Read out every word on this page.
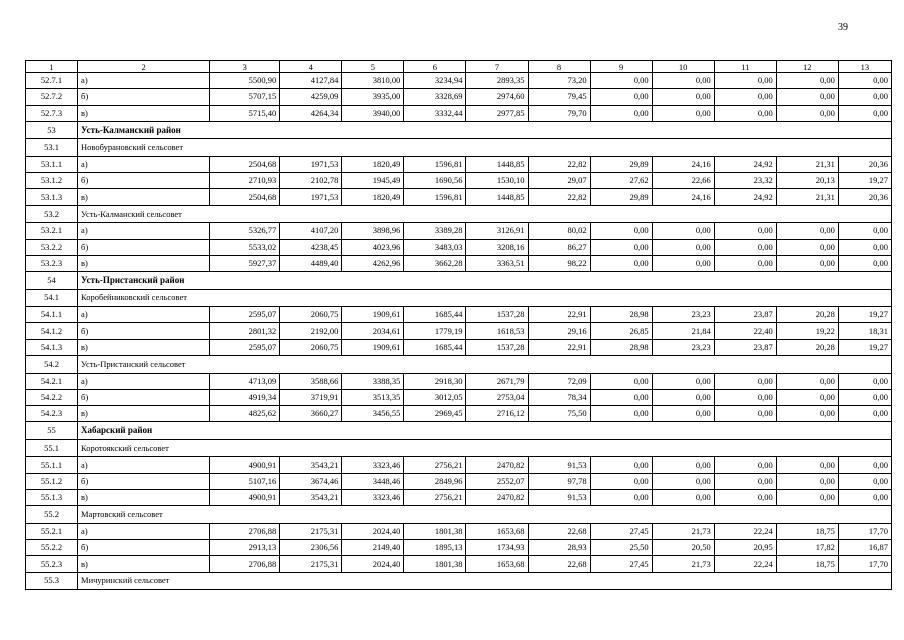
39
1	2	3	4	5	6	7	8	9	10	11	12	13
52.7.1	а)	5500,90	4127,84	3810,00	3234,94	2893,35	73,20	0,00	0,00	0,00	0,00	0,00
52.7.2	б)	5707,15	4259,09	3935,00	3328,69	2974,60	79,45	0,00	0,00	0,00	0,00	0,00
52.7.3	в)	5715,40	4264,34	3940,00	3332,44	2977,85	79,70	0,00	0,00	0,00	0,00	0,00
53	Усть-Калманский район											
53.1	Новобурановский сельсовет											
53.1.1	а)	2504,68	1971,53	1820,49	1596,81	1448,85	22,82	29,89	24,16	24,92	21,31	20,36
53.1.2	б)	2710,93	2102,78	1945,49	1690,56	1530,10	29,07	27,62	22,66	23,32	20,13	19,27
53.1.3	в)	2504,68	1971,53	1820,49	1596,81	1448,85	22,82	29,89	24,16	24,92	21,31	20,36
53.2	Усть-Калманский сельсовет											
53.2.1	а)	5326,77	4107,20	3898,96	3389,28	3126,91	80,02	0,00	0,00	0,00	0,00	0,00
53.2.2	б)	5533,02	4238,45	4023,96	3483,03	3208,16	86,27	0,00	0,00	0,00	0,00	0,00
53.2.3	в)	5927,37	4489,40	4262,96	3662,28	3363,51	98,22	0,00	0,00	0,00	0,00	0,00
54	Усть-Пристанский район											
54.1	Коробейниковский сельсовет											
54.1.1	а)	2595,07	2060,75	1909,61	1685,44	1537,28	22,91	28,98	23,23	23,87	20,28	19,27
54.1.2	б)	2801,32	2192,00	2034,61	1779,19	1618,53	29,16	26,85	21,84	22,40	19,22	18,31
54.1.3	в)	2595,07	2060,75	1909,61	1685,44	1537,28	22,91	28,98	23,23	23,87	20,28	19,27
54.2	Усть-Пристанский сельсовет											
54.2.1	а)	4713,09	3588,66	3388,35	2918,30	2671,79	72,09	0,00	0,00	0,00	0,00	0,00
54.2.2	б)	4919,34	3719,91	3513,35	3012,05	2753,04	78,34	0,00	0,00	0,00	0,00	0,00
54.2.3	в)	4825,62	3660,27	3456,55	2969,45	2716,12	75,50	0,00	0,00	0,00	0,00	0,00
55	Хабарский район											
55.1	Коротоякский сельсовет											
55.1.1	а)	4900,91	3543,21	3323,46	2756,21	2470,82	91,53	0,00	0,00	0,00	0,00	0,00
55.1.2	б)	5107,16	3674,46	3448,46	2849,96	2552,07	97,78	0,00	0,00	0,00	0,00	0,00
55.1.3	в)	4900,91	3543,21	3323,46	2756,21	2470,82	91,53	0,00	0,00	0,00	0,00	0,00
55.2	Мартовский сельсовет											
55.2.1	а)	2706,88	2175,31	2024,40	1801,38	1653,68	22,68	27,45	21,73	22,24	18,75	17,70
55.2.2	б)	2913,13	2306,56	2149,40	1895,13	1734,93	28,93	25,50	20,50	20,95	17,82	16,87
55.2.3	в)	2706,88	2175,31	2024,40	1801,38	1653,68	22,68	27,45	21,73	22,24	18,75	17,70
55.3	Мичуринский сельсовет											
